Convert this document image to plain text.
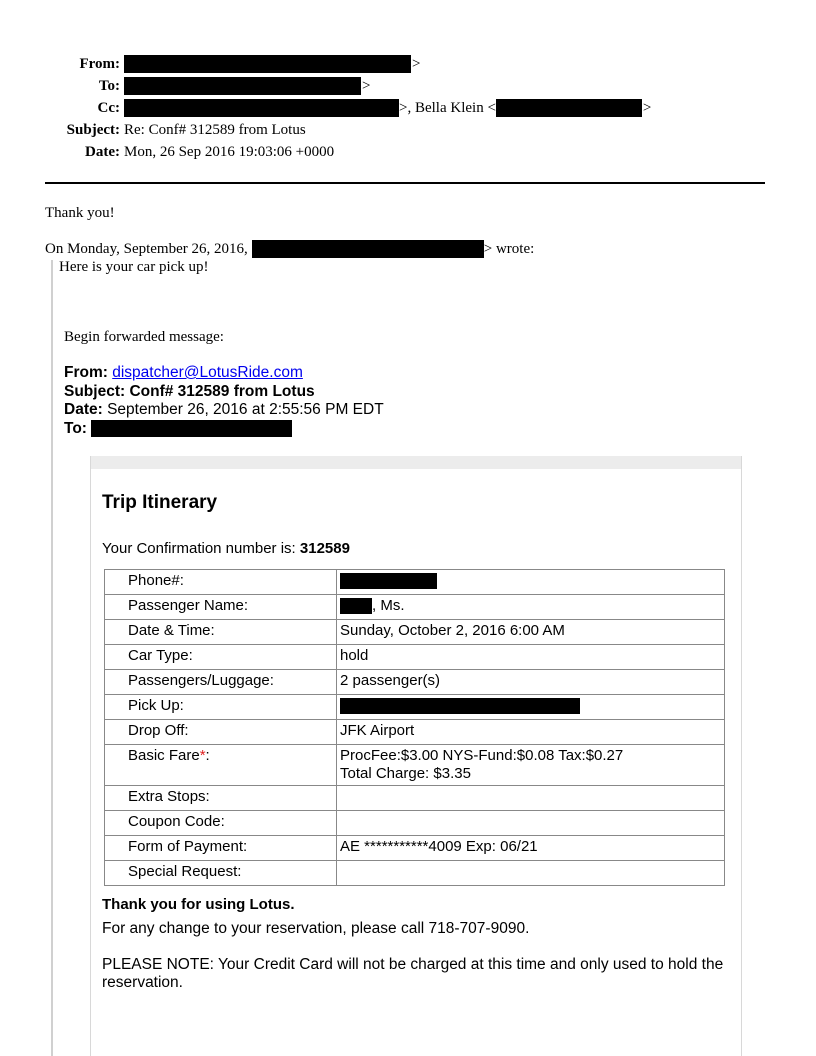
From:	>
To:	>
Cc:	>, Bella Klein <	>
Subject: Re: Conf# 312589 from Lotus
Date: Mon, 26 Sep 2016 19:03:06 +0000
Thank you!
On Monday, September 26, 2016,	> wrote:
Here is your car pick up!
Begin forwarded message:
From:
dispatcher@LotusRide.com
Subject:
Conf# 312589 from Lotus
Date:
September 26, 2016 at 2:55:56 PM EDT
To:

Trip Itinerary
Your Confirmation number is: 312589
Phone#:	
Passenger Name:	, Ms.
Date & Time:	Sunday, October 2, 2016 6:00 AM
Car Type:	hold
Passengers/Luggage:	2 passenger(s)
Pick Up:	
Drop Off:	JFK Airport
Basic Fare*:	ProcFee:$3.00 NYS-Fund:$0.08 Tax:$0.27
Total Charge: $3.35

Extra Stops:	
Coupon Code:	
Form of Payment:	AE ***********4009 Exp: 06/21
Special Request:	
Thank you for using Lotus.
For any change to your reservation, please call 718-707-9090.
PLEASE NOTE: Your Credit Card will not be charged at this time and only used to hold the reservation.
